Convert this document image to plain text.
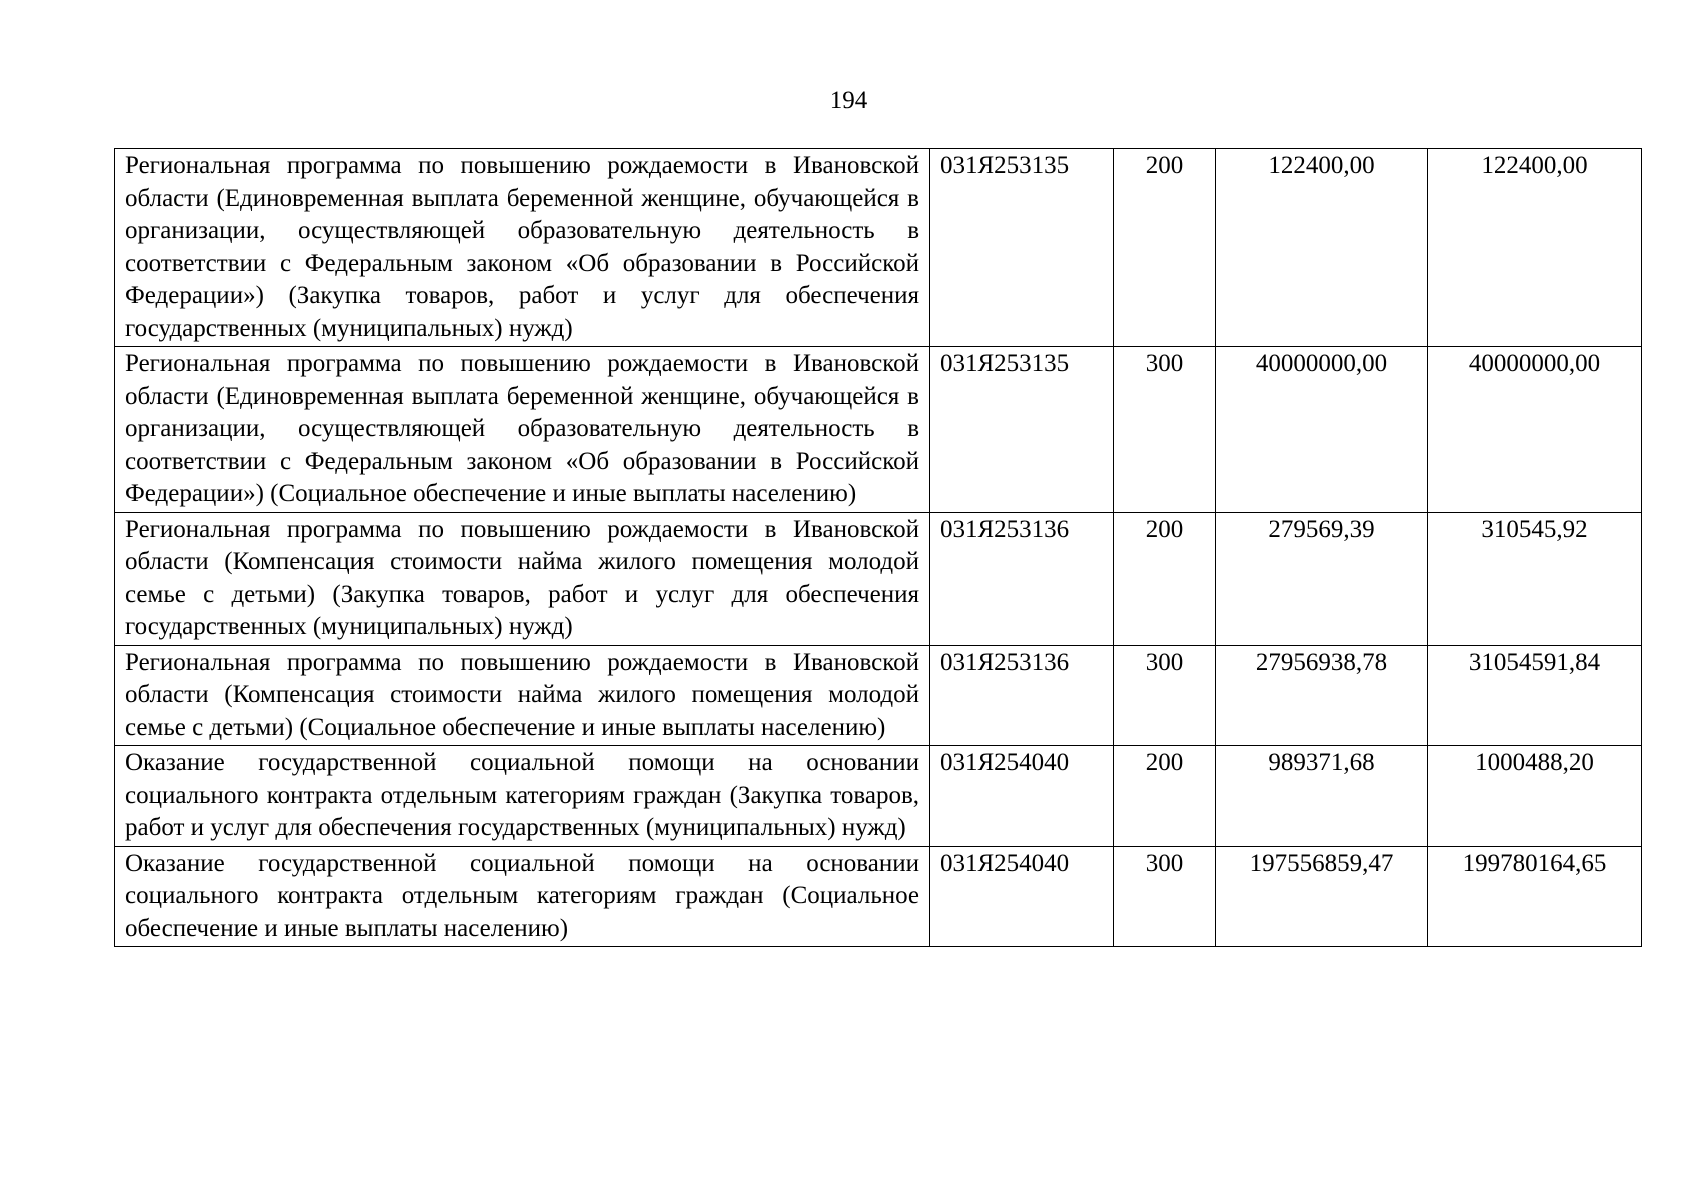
194
Региональная программа по повышению рождаемости в Ивановской области (Единовременная выплата беременной женщине, обучающейся в организации, осуществляющей образовательную деятельность в соответствии с Федеральным законом «Об образовании в Российской Федерации») (Закупка товаров, работ и услуг для обеспечения государственных (муниципальных) нужд)	031Я253135	200	122400,00	122400,00
Региональная программа по повышению рождаемости в Ивановской области (Единовременная выплата беременной женщине, обучающейся в организации, осуществляющей образовательную деятельность в соответствии с Федеральным законом «Об образовании в Российской Федерации») (Социальное обеспечение и иные выплаты населению)	031Я253135	300	40000000,00	40000000,00
Региональная программа по повышению рождаемости в Ивановской области (Компенсация стоимости найма жилого помещения молодой семье с детьми) (Закупка товаров, работ и услуг для обеспечения государственных (муниципальных) нужд)	031Я253136	200	279569,39	310545,92
Региональная программа по повышению рождаемости в Ивановской области (Компенсация стоимости найма жилого помещения молодой семье с детьми) (Социальное обеспечение и иные выплаты населению)	031Я253136	300	27956938,78	31054591,84
Оказание государственной социальной помощи на основании социального контракта отдельным категориям граждан (Закупка товаров, работ и услуг для обеспечения государственных (муниципальных) нужд)	031Я254040	200	989371,68	1000488,20
Оказание государственной социальной помощи на основании социального контракта отдельным категориям граждан (Социальное обеспечение и иные выплаты населению)	031Я254040	300	197556859,47	199780164,65
